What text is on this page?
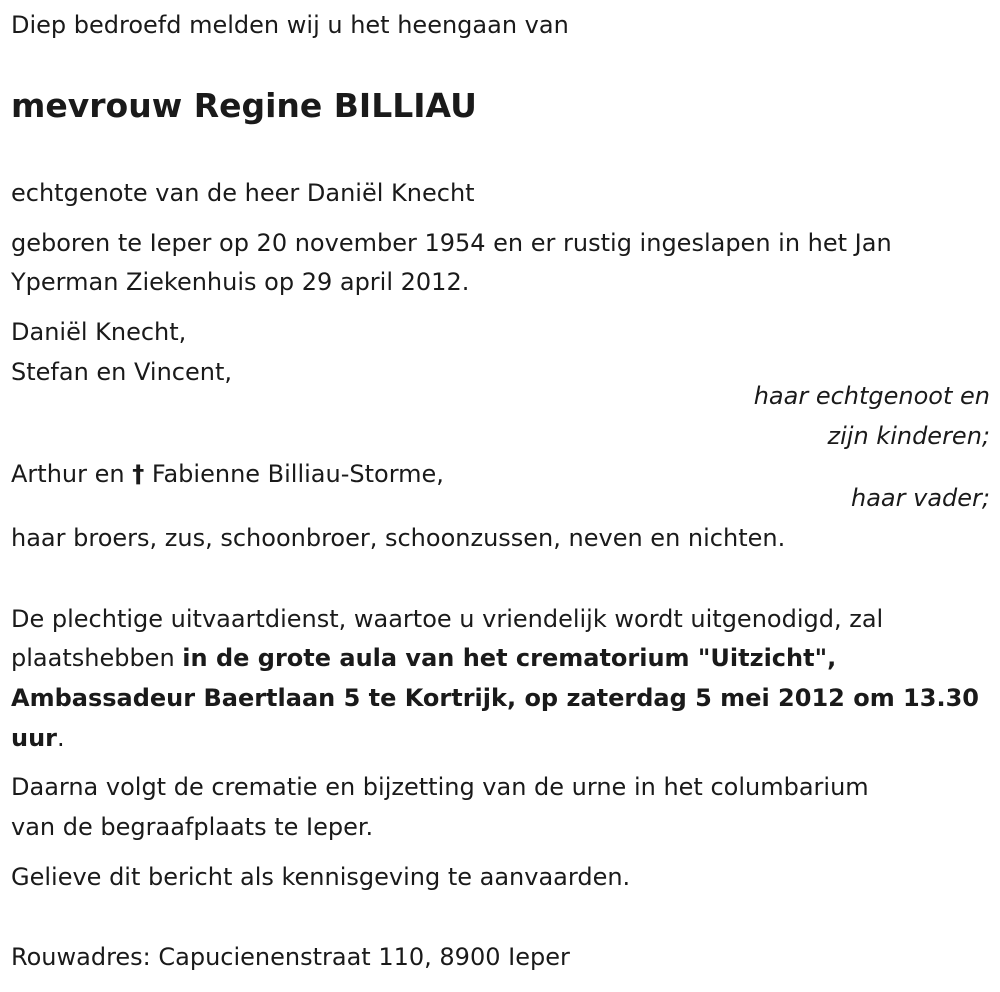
Diep bedroefd melden wij u het heengaan van
mevrouw Regine BILLIAU
echtgenote van de heer Daniël Knecht
geboren te Ieper op 20 november 1954 en er rustig ingeslapen in het Jan
Yperman Ziekenhuis op 29 april 2012.
Daniël Knecht,
Stefan en Vincent,
haar echtgenoot en
zijn kinderen;
Arthur en † Fabienne Billiau-Storme,
haar vader;
haar broers, zus, schoonbroer, schoonzussen, neven en nichten.
De plechtige uitvaartdienst, waartoe u vriendelijk wordt uitgenodigd, zal
plaatshebben in de grote aula van het crematorium "Uitzicht",
Ambassadeur Baertlaan 5 te Kortrijk, op zaterdag 5 mei 2012 om 13.30
uur.
Daarna volgt de crematie en bijzetting van de urne in het columbarium
van de begraafplaats te Ieper.
Gelieve dit bericht als kennisgeving te aanvaarden.
Rouwadres: Capucienenstraat 110, 8900 Ieper
